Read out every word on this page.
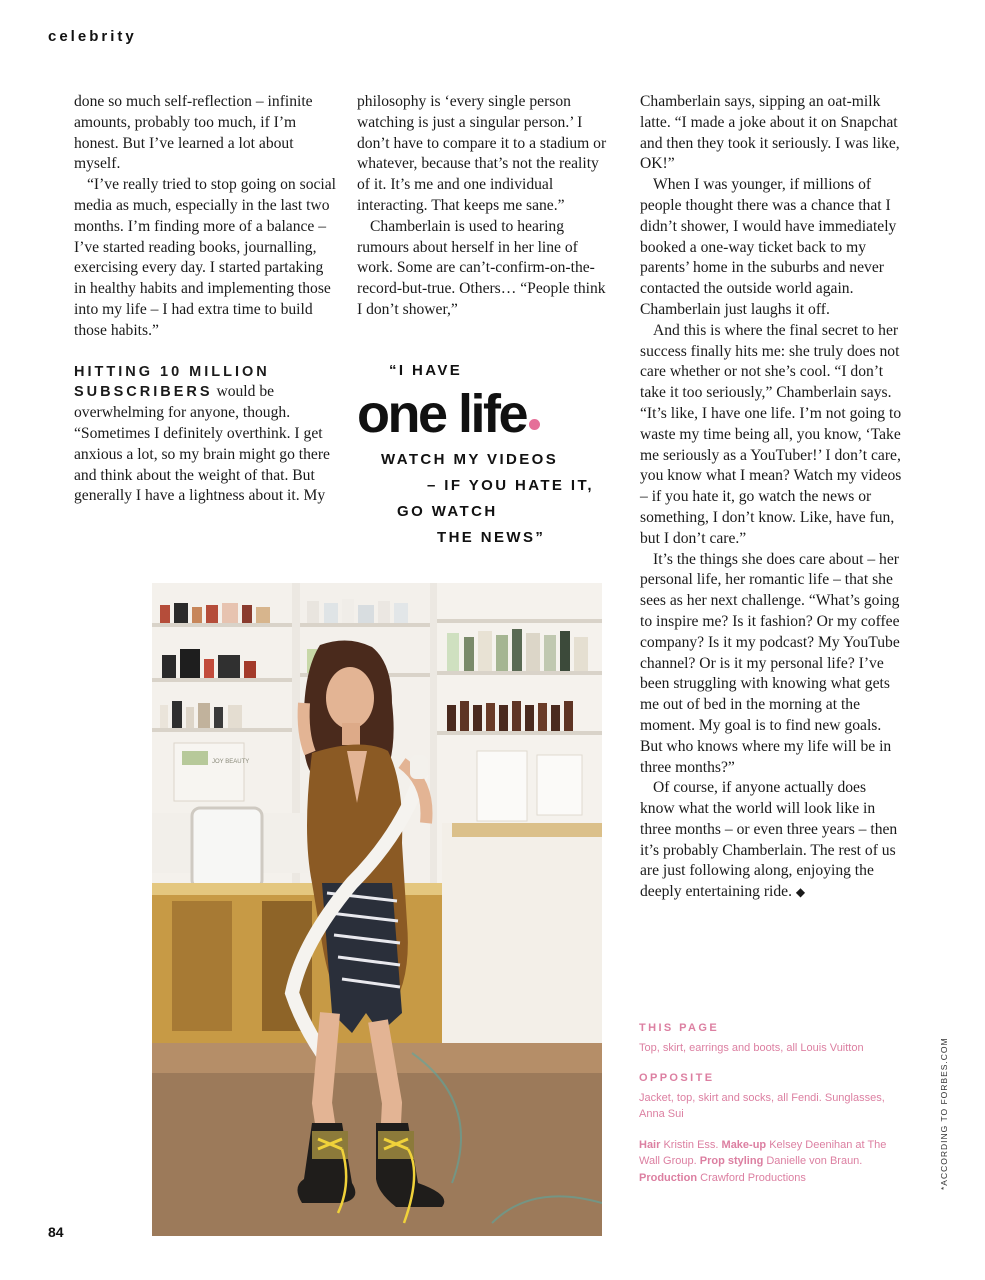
celebrity

done so much self-reflection – infinite amounts, probably too much, if I’m honest. But I’ve learned a lot about myself.

“I’ve really tried to stop going on social media as much, especially in the last two months. I’m finding more of a balance – I’ve started reading books, journalling, exercising every day. I started partaking in healthy habits and implementing those into my life – I had extra time to build those habits.”

HITTING 10 MILLION SUBSCRIBERS would be overwhelming for anyone, though. “Sometimes I definitely overthink. I get anxious a lot, so my brain might go there and think about the weight of that. But generally I have a lightness about it. My

philosophy is ‘every single person watching is just a singular person.’ I don’t have to compare it to a stadium or whatever, because that’s not the reality of it. It’s me and one individual interacting. That keeps me sane.”

Chamberlain is used to hearing rumours about herself in her line of work. Some are can’t-confirm-on-the-record-but-true. Others… “People think I don’t shower,”

“I HAVE
one life
WATCH MY VIDEOS
– IF YOU HATE IT,
GO WATCH
THE NEWS”

Chamberlain says, sipping an oat-milk latte. “I made a joke about it on Snapchat and then they took it seriously. I was like, OK!”

When I was younger, if millions of people thought there was a chance that I didn’t shower, I would have immediately booked a one-way ticket back to my parents’ home in the suburbs and never contacted the outside world again. Chamberlain just laughs it off.

And this is where the final secret to her success finally hits me: she truly does not care whether or not she’s cool. “I don’t take it too seriously,” Chamberlain says. “It’s like, I have one life. I’m not going to waste my time being all, you know, ‘Take me seriously as a YouTuber!’ I don’t care, you know what I mean? Watch my videos – if you hate it, go watch the news or something, I don’t know. Like, have fun, but I don’t care.”

It’s the things she does care about – her personal life, her romantic life – that she sees as her next challenge. “What’s going to inspire me? Is it fashion? Or my coffee company? Is it my podcast? My YouTube channel? Or is it my personal life? I’ve been struggling with knowing what gets me out of bed in the morning at the moment. My goal is to find new goals. But who knows where my life will be in three months?”

Of course, if anyone actually does know what the world will look like in three months – or even three years – then it’s probably Chamberlain. The rest of us are just following along, enjoying the deeply entertaining ride. ◆

JOY BEAUTY
THIS PAGE
Top, skirt, earrings and boots, all Louis Vuitton
OPPOSITE
Jacket, top, skirt and socks, all Fendi. Sunglasses, Anna Sui
Hair Kristin Ess. Make-up Kelsey Deenihan at The Wall Group. Prop styling Danielle von Braun. Production Crawford Productions	*ACCORDING TO FORBES.COM
84
